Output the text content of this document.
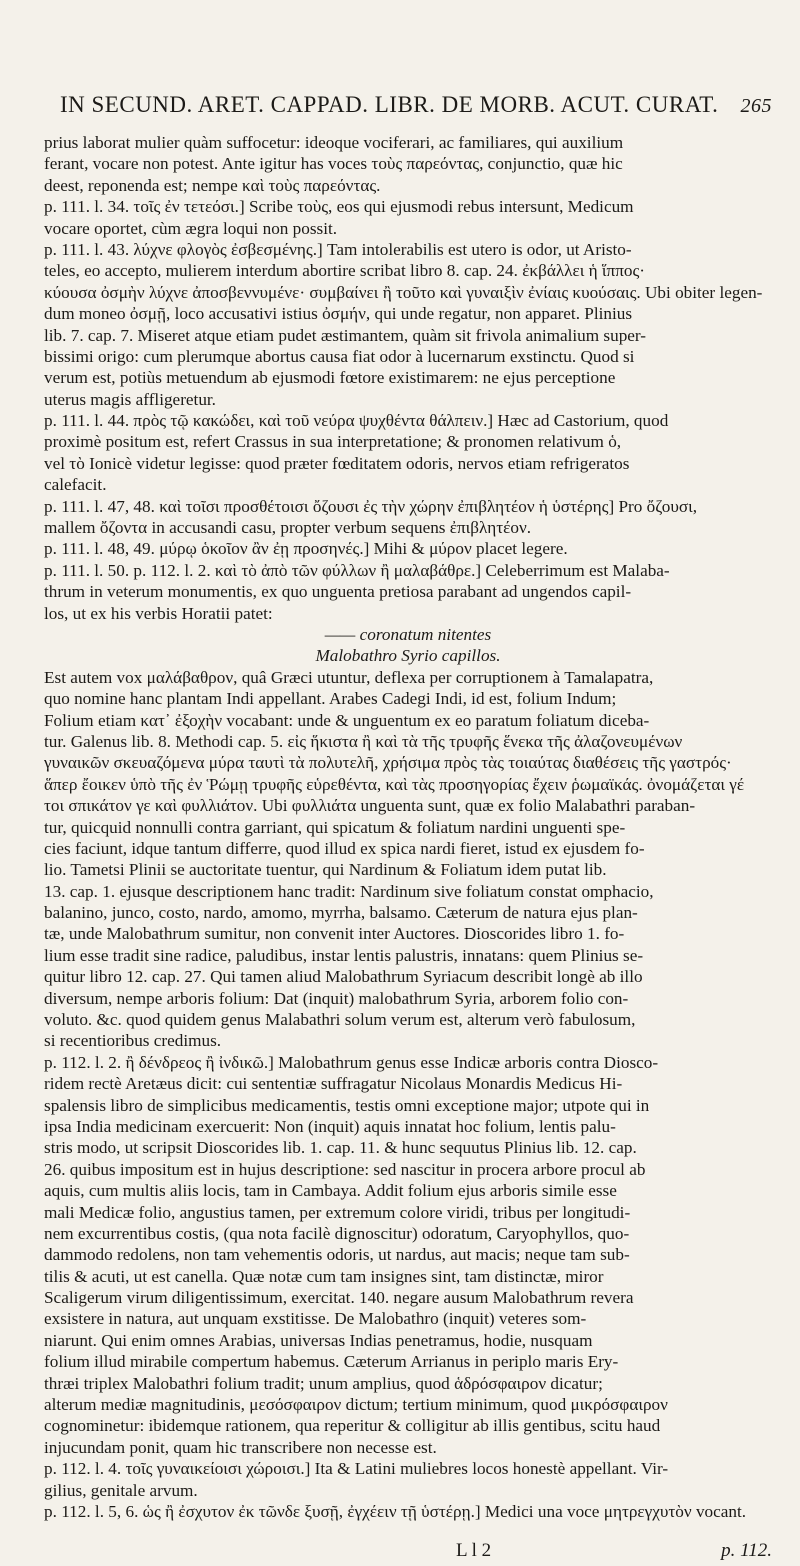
IN SECUND. ARET. CAPPAD. LIBR. DE MORB. ACUT. CURAT. 265
prius laborat mulier quàm suffocetur: ideoque vociferari, ac familiares, qui auxilium
ferant, vocare non potest. Ante igitur has voces τοὺς παρεόντας, conjunctio, quæ hic
deest, reponenda est; nempe καὶ τοὺς παρεόντας.
p. 111. l. 34. τοῖς ἐν τετεόσι.] Scribe τοὺς, eos qui ejusmodi rebus intersunt, Medicum
vocare oportet, cùm ægra loqui non possit.
p. 111. l. 43. λύχνε φλογὸς ἐσβεσμένης.] Tam intolerabilis est utero is odor, ut Aristo-
teles, eo accepto, mulierem interdum abortire scribat libro 8. cap. 24. ἐκβάλλει ἡ ἵππος·
κύουσα ὀσμὴν λύχνε ἀποσβεννυμένε· συμβαίνει ἢ τοῦτο καὶ γυναιξὶν ἐνίαις κυούσαις. Ubi obiter legen-
dum moneo ὀσμῇ, loco accusativi istius ὀσμήν, qui unde regatur, non apparet. Plinius
lib. 7. cap. 7. Miseret atque etiam pudet æstimantem, quàm sit frivola animalium super-
bissimi origo: cum plerumque abortus causa fiat odor à lucernarum exstinctu. Quod si
verum est, potiùs metuendum ab ejusmodi fœtore existimarem: ne ejus perceptione
uterus magis affligeretur.
p. 111. l. 44. πρὸς τῷ κακώδει, καὶ τοῦ νεύρα ψυχθέντα θάλπειν.] Hæc ad Castorium, quod
proximè positum est, refert Crassus in sua interpretatione; & pronomen relativum ὁ,
vel τὸ Ionicè videtur legisse: quod præter fœditatem odoris, nervos etiam refrigeratos
calefacit.
p. 111. l. 47, 48. καὶ τοῖσι προσθέτοισι ὄζουσι ἐς τὴν χώρην ἐπιβλητέον ἡ ὑστέρης] Pro ὄζουσι,
mallem ὄζοντα in accusandi casu, propter verbum sequens ἐπιβλητέον.
p. 111. l. 48, 49. μύρῳ ὁκοῖον ἂν ἐῃ προσηνές.] Mihi & μύρον placet legere.
p. 111. l. 50. p. 112. l. 2. καὶ τὸ ἀπὸ τῶν φύλλων ἢ μαλαβάθρε.] Celeberrimum est Malaba-
thrum in veterum monumentis, ex quo unguenta pretiosa parabant ad ungendos capil-
los, ut ex his verbis Horatii patet:
—— coronatum nitentes
Malobathro Syrio capillos.
Est autem vox μαλάβαθρον, quâ Græci utuntur, deflexa per corruptionem à Tamalapatra,
quo nomine hanc plantam Indi appellant. Arabes Cadegi Indi, id est, folium Indum;
Folium etiam κατ᾽ ἐξοχὴν vocabant: unde & unguentum ex eo paratum foliatum diceba-
tur. Galenus lib. 8. Methodi cap. 5. εἰς ἥκιστα ἢ καὶ τὰ τῆς τρυφῆς ἕνεκα τῆς ἀλαζονευμένων
γυναικῶν σκευαζόμενα μύρα ταυτὶ τὰ πολυτελῆ, χρήσιμα πρὸς τὰς τοιαύτας διαθέσεις τῆς γαστρός·
ἅπερ ἔοικεν ὑπὸ τῆς ἐν Ῥώμῃ τρυφῆς εὑρεθέντα, καὶ τὰς προσηγορίας ἔχειν ῥωμαϊκάς. ὀνομάζεται γέ
τοι σπικάτον γε καὶ φυλλιάτον. Ubi φυλλιάτα unguenta sunt, quæ ex folio Malabathri paraban-
tur, quicquid nonnulli contra garriant, qui spicatum & foliatum nardini unguenti spe-
cies faciunt, idque tantum differre, quod illud ex spica nardi fieret, istud ex ejusdem fo-
lio. Tametsi Plinii se auctoritate tuentur, qui Nardinum & Foliatum idem putat lib.
13. cap. 1. ejusque descriptionem hanc tradit: Nardinum sive foliatum constat omphacio,
balanino, junco, costo, nardo, amomo, myrrha, balsamo. Cæterum de natura ejus plan-
tæ, unde Malobathrum sumitur, non convenit inter Auctores. Dioscorides libro 1. fo-
lium esse tradit sine radice, paludibus, instar lentis palustris, innatans: quem Plinius se-
quitur libro 12. cap. 27. Qui tamen aliud Malobathrum Syriacum describit longè ab illo
diversum, nempe arboris folium: Dat (inquit) malobathrum Syria, arborem folio con-
voluto. &c. quod quidem genus Malabathri solum verum est, alterum verò fabulosum,
si recentioribus credimus.
p. 112. l. 2. ἢ δένδρεος ἢ ἰνδικῶ.] Malobathrum genus esse Indicæ arboris contra Diosco-
ridem rectè Aretæus dicit: cui sententiæ suffragatur Nicolaus Monardis Medicus Hi-
spalensis libro de simplicibus medicamentis, testis omni exceptione major; utpote qui in
ipsa India medicinam exercuerit: Non (inquit) aquis innatat hoc folium, lentis palu-
stris modo, ut scripsit Dioscorides lib. 1. cap. 11. & hunc sequutus Plinius lib. 12. cap.
26. quibus impositum est in hujus descriptione: sed nascitur in procera arbore procul ab
aquis, cum multis aliis locis, tam in Cambaya. Addit folium ejus arboris simile esse
mali Medicæ folio, angustius tamen, per extremum colore viridi, tribus per longitudi-
nem excurrentibus costis, (qua nota facilè dignoscitur) odoratum, Caryophyllos, quo-
dammodo redolens, non tam vehementis odoris, ut nardus, aut macis; neque tam sub-
tilis & acuti, ut est canella. Quæ notæ cum tam insignes sint, tam distinctæ, miror
Scaligerum virum diligentissimum, exercitat. 140. negare ausum Malobathrum revera
exsistere in natura, aut unquam exstitisse. De Malobathro (inquit) veteres som-
niarunt. Qui enim omnes Arabias, universas Indias penetramus, hodie, nusquam
folium illud mirabile compertum habemus. Cæterum Arrianus in periplo maris Ery-
thræi triplex Malobathri folium tradit; unum amplius, quod ἁδρόσφαιρον dicatur;
alterum mediæ magnitudinis, μεσόσφαιρον dictum; tertium minimum, quod μικρόσφαιρον
cognominetur: ibidemque rationem, qua reperitur & colligitur ab illis gentibus, scitu haud
injucundam ponit, quam hic transcribere non necesse est.
p. 112. l. 4. τοῖς γυναικείοισι χώροισι.] Ita & Latini muliebres locos honestè appellant. Vir-
gilius, genitale arvum.
p. 112. l. 5, 6. ὡς ἢ ἐσχυτον ἐκ τῶνδε ξυσῇ, ἐγχέειν τῇ ὑστέρῃ.] Medici una voce μητρεγχυτὸν vocant.
L l 2	p. 112.
